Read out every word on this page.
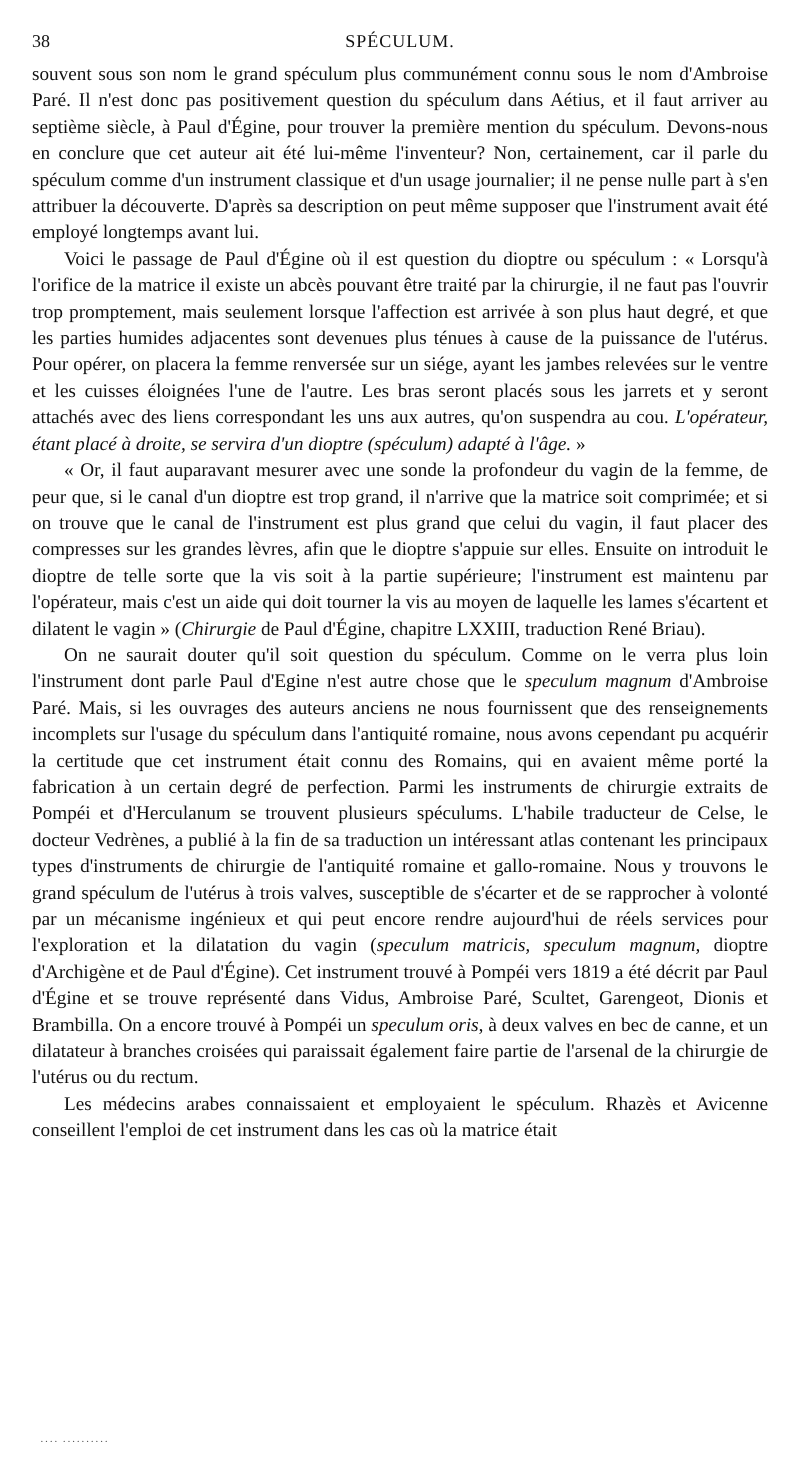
38	SPÉCULUM.

souvent sous son nom le grand spéculum plus communément connu sous le nom d'Ambroise Paré. Il n'est donc pas positivement question du spéculum dans Aétius, et il faut arriver au septième siècle, à Paul d'Égine, pour trouver la première mention du spéculum. Devons-nous en conclure que cet auteur ait été lui-même l'inventeur? Non, certainement, car il parle du spéculum comme d'un instrument classique et d'un usage journalier; il ne pense nulle part à s'en attribuer la découverte. D'après sa description on peut même supposer que l'instrument avait été employé longtemps avant lui.

Voici le passage de Paul d'Égine où il est question du dioptre ou spéculum : « Lorsqu'à l'orifice de la matrice il existe un abcès pouvant être traité par la chirurgie, il ne faut pas l'ouvrir trop promptement, mais seulement lorsque l'affection est arrivée à son plus haut degré, et que les parties humides adjacentes sont devenues plus ténues à cause de la puissance de l'utérus. Pour opérer, on placera la femme renversée sur un siége, ayant les jambes relevées sur le ventre et les cuisses éloignées l'une de l'autre. Les bras seront placés sous les jarrets et y seront attachés avec des liens correspondant les uns aux autres, qu'on suspendra au cou. L'opérateur, étant placé à droite, se servira d'un dioptre (spéculum) adapté à l'âge. »

« Or, il faut auparavant mesurer avec une sonde la profondeur du vagin de la femme, de peur que, si le canal d'un dioptre est trop grand, il n'arrive que la matrice soit comprimée; et si on trouve que le canal de l'instrument est plus grand que celui du vagin, il faut placer des compresses sur les grandes lèvres, afin que le dioptre s'appuie sur elles. Ensuite on introduit le dioptre de telle sorte que la vis soit à la partie supérieure; l'instrument est maintenu par l'opérateur, mais c'est un aide qui doit tourner la vis au moyen de laquelle les lames s'écartent et dilatent le vagin » (Chirurgie de Paul d'Égine, chapitre LXXIII, traduction René Briau).

On ne saurait douter qu'il soit question du spéculum. Comme on le verra plus loin l'instrument dont parle Paul d'Egine n'est autre chose que le speculum magnum d'Ambroise Paré. Mais, si les ouvrages des auteurs anciens ne nous fournissent que des renseignements incomplets sur l'usage du spéculum dans l'antiquité romaine, nous avons cependant pu acquérir la certitude que cet instrument était connu des Romains, qui en avaient même porté la fabrication à un certain degré de perfection. Parmi les instruments de chirurgie extraits de Pompéi et d'Herculanum se trouvent plusieurs spéculums. L'habile traducteur de Celse, le docteur Vedrènes, a publié à la fin de sa traduction un intéressant atlas contenant les principaux types d'instruments de chirurgie de l'antiquité romaine et gallo-romaine. Nous y trouvons le grand spéculum de l'utérus à trois valves, susceptible de s'écarter et de se rapprocher à volonté par un mécanisme ingénieux et qui peut encore rendre aujourd'hui de réels services pour l'exploration et la dilatation du vagin (speculum matricis, speculum magnum, dioptre d'Archigène et de Paul d'Égine). Cet instrument trouvé à Pompéi vers 1819 a été décrit par Paul d'Égine et se trouve représenté dans Vidus, Ambroise Paré, Scultet, Garengeot, Dionis et Brambilla. On a encore trouvé à Pompéi un speculum oris, à deux valves en bec de canne, et un dilatateur à branches croisées qui paraissait également faire partie de l'arsenal de la chirurgie de l'utérus ou du rectum.

Les médecins arabes connaissaient et employaient le spéculum. Rhazès et Avicenne conseillent l'emploi de cet instrument dans les cas où la matrice était

···· ··········
